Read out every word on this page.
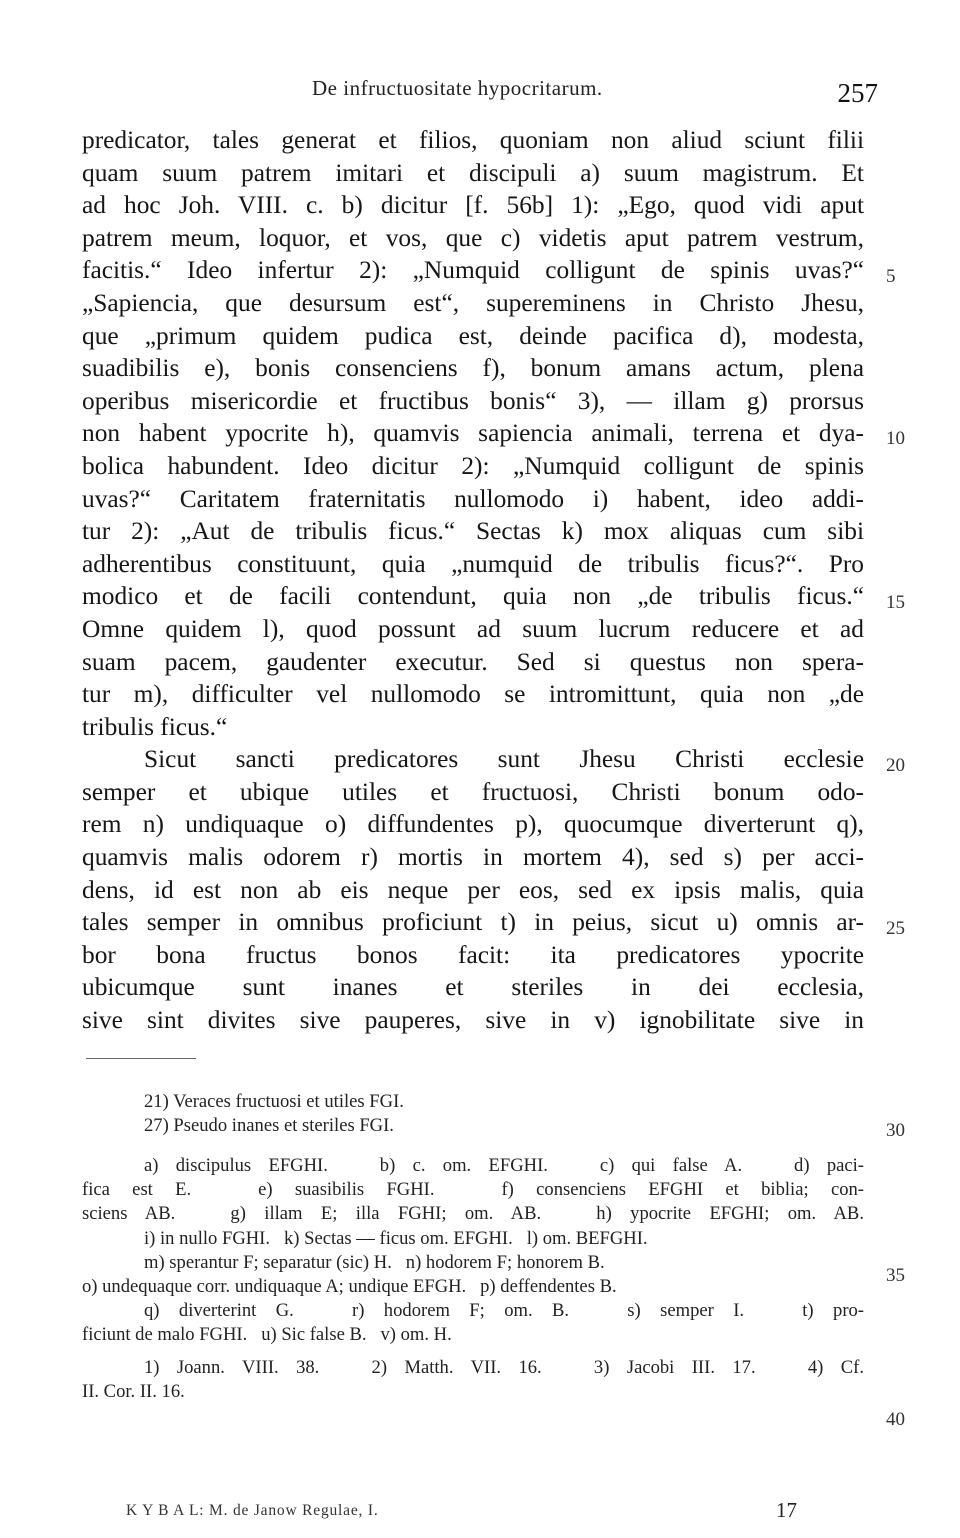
De infructuositate hypocritarum.	257
predicator, tales generat et filios, quoniam non aliud sciunt filii
quam suum patrem imitari et discipuli a) suum magistrum. Et
ad hoc Joh. VIII. c. b) dicitur [f. 56b] 1): „Ego, quod vidi aput
patrem meum, loquor, et vos, que c) videtis aput patrem vestrum,
facitis.“ Ideo infertur 2): „Numquid colligunt de spinis uvas?“
„Sapiencia, que desursum est“, supereminens in Christo Jhesu,
que „primum quidem pudica est, deinde pacifica d), modesta,
suadibilis e), bonis consenciens f), bonum amans actum, plena
operibus misericordie et fructibus bonis“ 3), — illam g) prorsus
non habent ypocrite h), quamvis sapiencia animali, terrena et dya-
bolica habundent. Ideo dicitur 2): „Numquid colligunt de spinis
uvas?“ Caritatem fraternitatis nullomodo i) habent, ideo addi-
tur 2): „Aut de tribulis ficus.“ Sectas k) mox aliquas cum sibi
adherentibus constituunt, quia „numquid de tribulis ficus?“. Pro
modico et de facili contendunt, quia non „de tribulis ficus.“
Omne quidem l), quod possunt ad suum lucrum reducere et ad
suam pacem, gaudenter executur. Sed si questus non spera-
tur m), difficulter vel nullomodo se intromittunt, quia non „de
tribulis ficus.“
Sicut sancti predicatores sunt Jhesu Christi ecclesie
semper et ubique utiles et fructuosi, Christi bonum odo-
rem n) undiquaque o) diffundentes p), quocumque diverterunt q),
quamvis malis odorem r) mortis in mortem 4), sed s) per acci-
dens, id est non ab eis neque per eos, sed ex ipsis malis, quia
tales semper in omnibus proficiunt t) in peius, sicut u) omnis ar-
bor bona fructus bonos facit: ita predicatores ypocrite
ubicumque sunt inanes et steriles in dei ecclesia,
sive sint divites sive pauperes, sive in v) ignobilitate sive in
5
10
15
20
25
30
35
40
21) Veraces fructuosi et utiles FGI.
27) Pseudo inanes et steriles FGI.
a) discipulus EFGHI.   b) c. om. EFGHI.   c) qui false A.   d) paci-
fica est E.   e) suasibilis FGHI.   f) consenciens EFGHI et biblia; con-
sciens AB.   g) illam E; illa FGHI; om. AB.   h) ypocrite EFGHI; om. AB.
i) in nullo FGHI.   k) Sectas — ficus om. EFGHI.   l) om. BEFGHI.
m) sperantur F; separatur (sic) H.   n) hodorem F; honorem B.
o) undequaque corr. undiquaque A; undique EFGH.   p) deffendentes B.
q) diverterint G.   r) hodorem F; om. B.   s) semper I.   t) pro-
ficiunt de malo FGHI.   u) Sic false B.   v) om. H.
1) Joann. VIII. 38.   2) Matth. VII. 16.   3) Jacobi III. 17.   4) Cf.
II. Cor. II. 16.
K Y B A L: M. de Janow Regulae, I.	17
